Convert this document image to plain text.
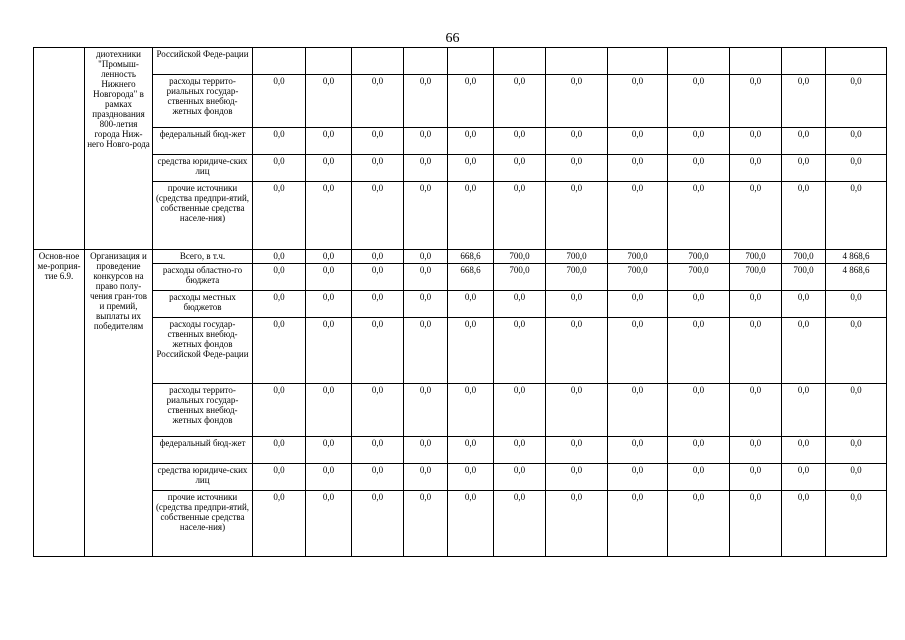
66
	диотехники "Промыш-ленность Нижнего Новгорода" в рамках празднования 800-летия города Ниж-него Новго-рода	Российской Феде-рации												
		расходы террито-риальных государ-ственных внебюд-жетных фондов	0,0	0,0	0,0	0,0	0,0	0,0	0,0	0,0	0,0	0,0	0,0	0,0
		федеральный бюд-жет	0,0	0,0	0,0	0,0	0,0	0,0	0,0	0,0	0,0	0,0	0,0	0,0
		средства юридиче-ских лиц	0,0	0,0	0,0	0,0	0,0	0,0	0,0	0,0	0,0	0,0	0,0	0,0
		прочие источники (средства предпри-ятий, собственные средства населе-ния)	0,0	0,0	0,0	0,0	0,0	0,0	0,0	0,0	0,0	0,0	0,0	0,0
Основ-ное ме-роприя-тие 6.9.	Организация и проведение конкурсов на право полу-чения гран-тов и премий, выплаты их победителям	Всего, в т.ч.	0,0	0,0	0,0	0,0	668,6	700,0	700,0	700,0	700,0	700,0	700,0	4 868,6
		расходы областно-го бюджета	0,0	0,0	0,0	0,0	668,6	700,0	700,0	700,0	700,0	700,0	700,0	4 868,6
		расходы местных бюджетов	0,0	0,0	0,0	0,0	0,0	0,0	0,0	0,0	0,0	0,0	0,0	0,0
		расходы государ-ственных внебюд-жетных фондов Российской Феде-рации	0,0	0,0	0,0	0,0	0,0	0,0	0,0	0,0	0,0	0,0	0,0	0,0
		расходы террито-риальных государ-ственных внебюд-жетных фондов	0,0	0,0	0,0	0,0	0,0	0,0	0,0	0,0	0,0	0,0	0,0	0,0
		федеральный бюд-жет	0,0	0,0	0,0	0,0	0,0	0,0	0,0	0,0	0,0	0,0	0,0	0,0
		средства юридиче-ских лиц	0,0	0,0	0,0	0,0	0,0	0,0	0,0	0,0	0,0	0,0	0,0	0,0
		прочие источники (средства предпри-ятий, собственные средства населе-ния)	0,0	0,0	0,0	0,0	0,0	0,0	0,0	0,0	0,0	0,0	0,0	0,0
